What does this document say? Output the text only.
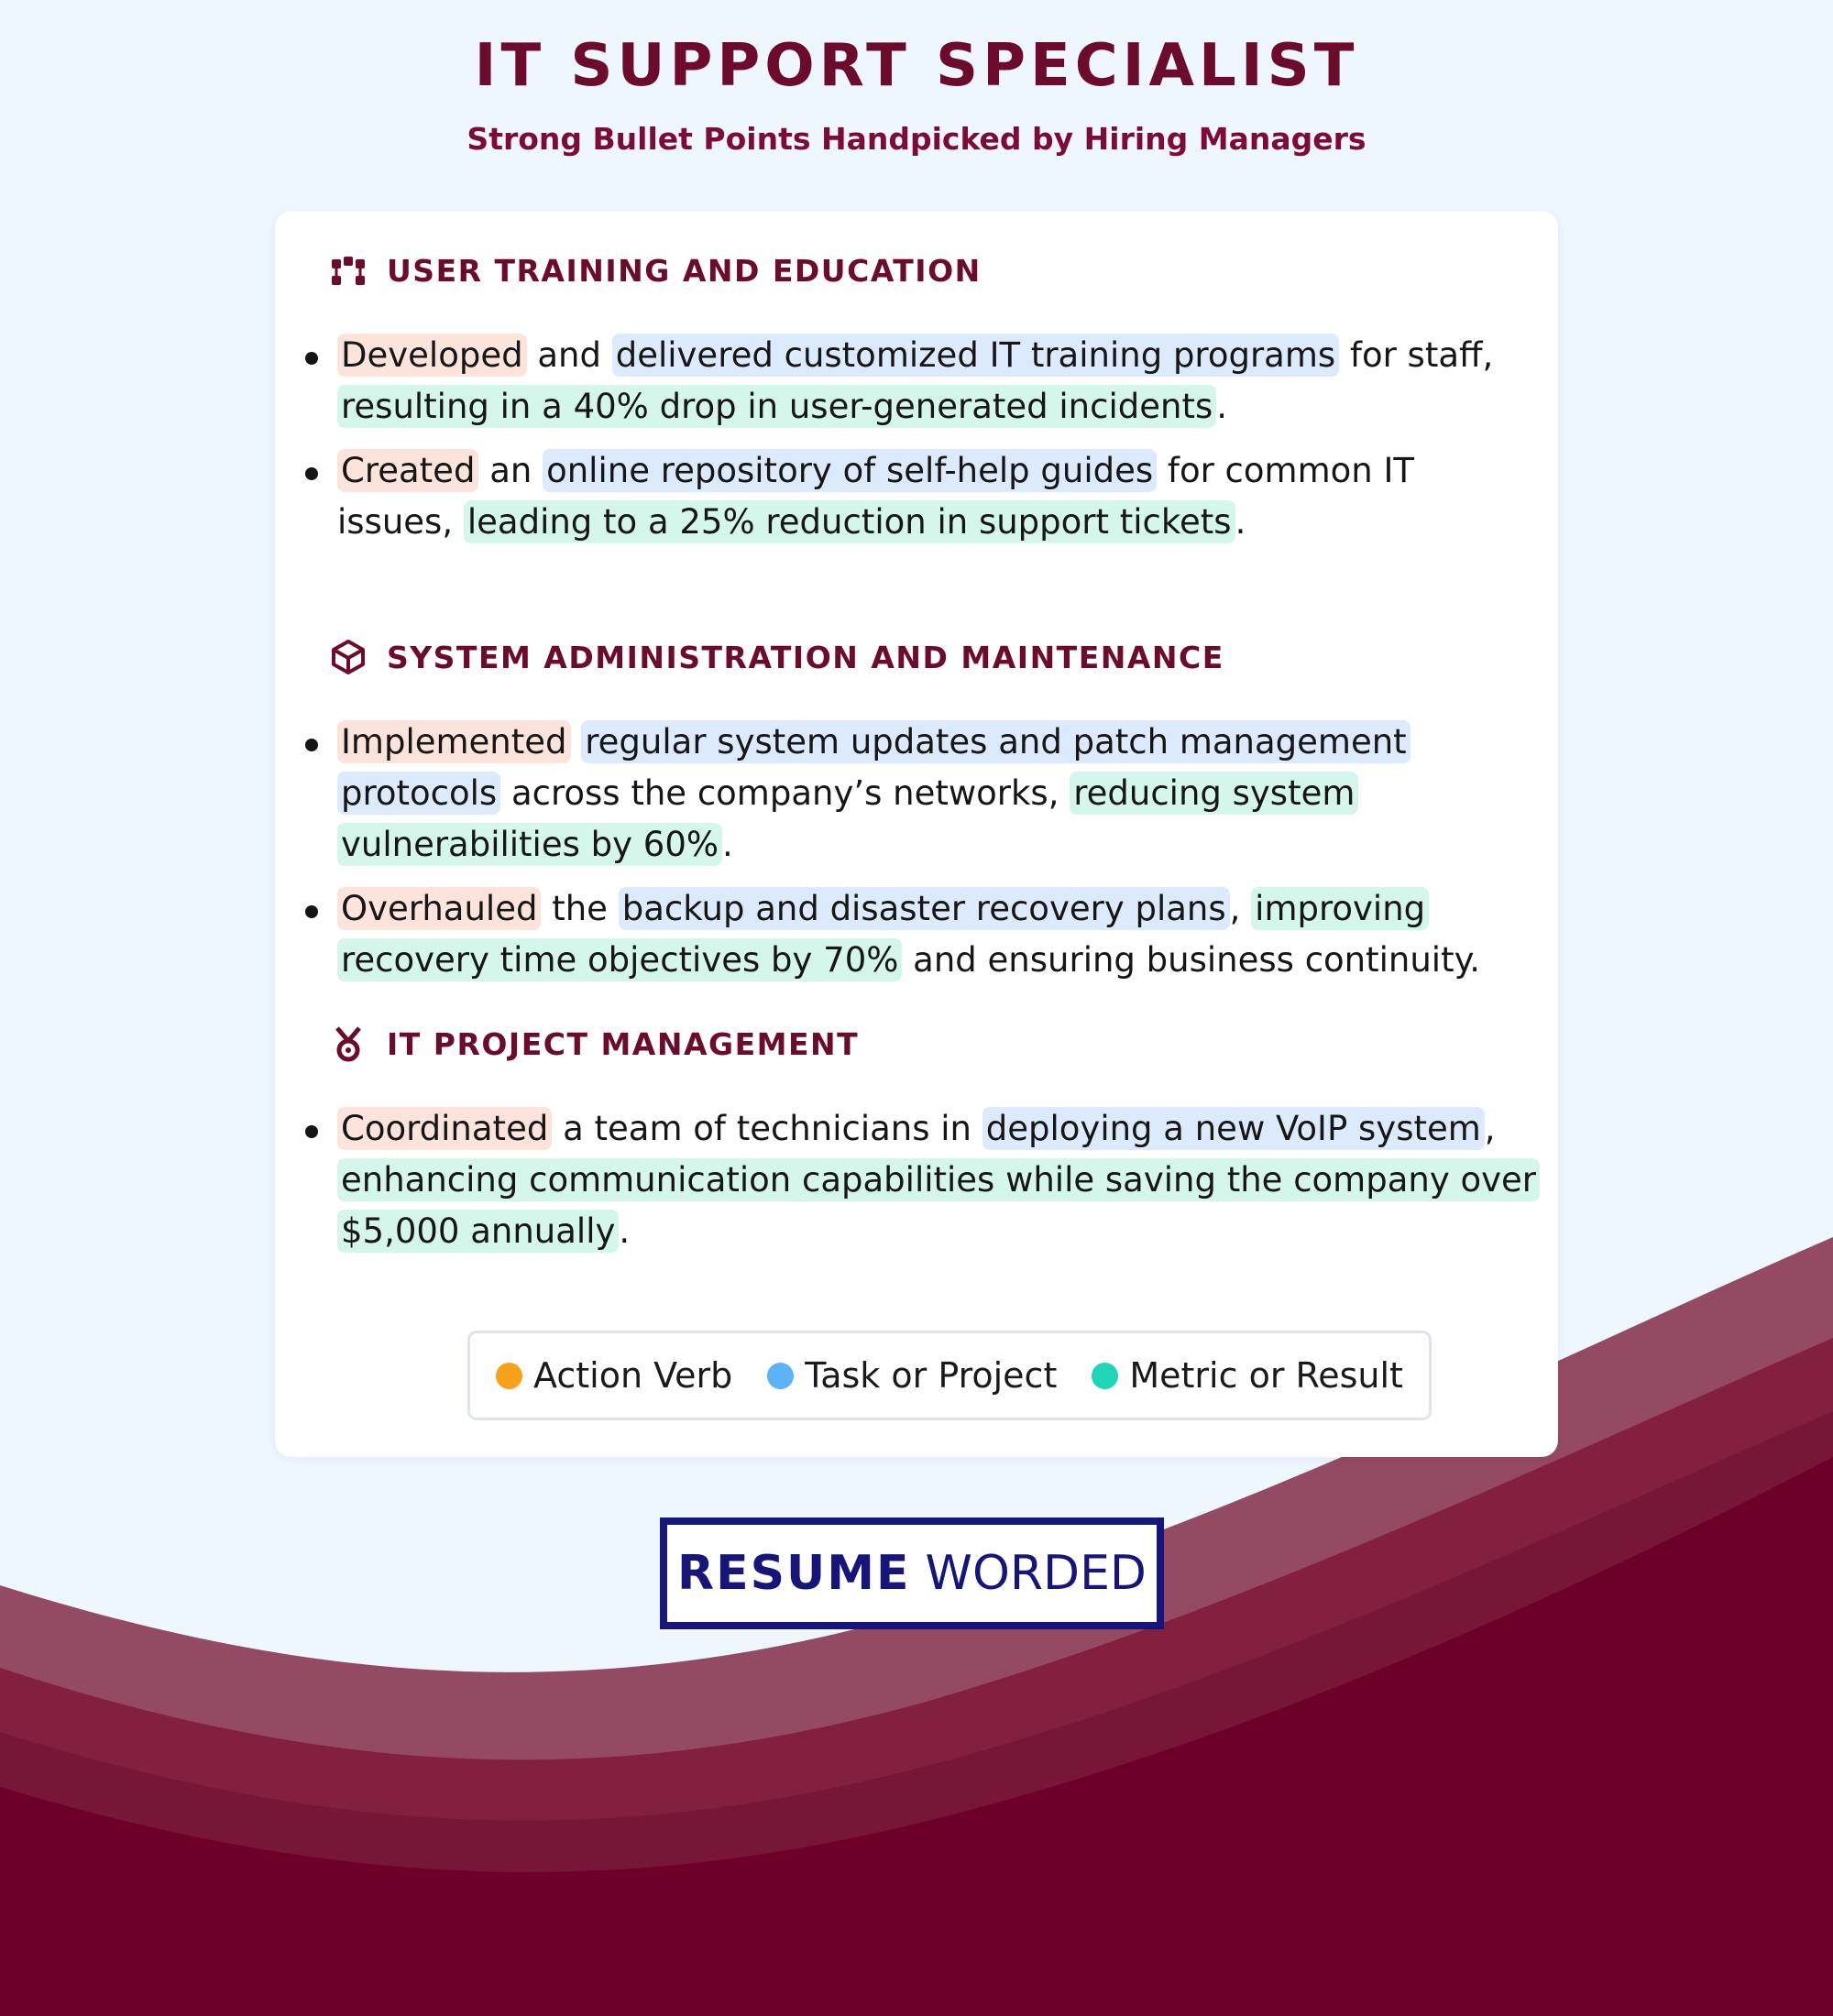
IT SUPPORT SPECIALIST
Strong Bullet Points Handpicked by Hiring Managers
USER TRAINING AND EDUCATION
Developed and delivered customized IT training programs for staff, resulting in a 40% drop in user-generated incidents .
Created an online repository of self-help guides for common IT issues, leading to a 25% reduction in support tickets .
SYSTEM ADMINISTRATION AND MAINTENANCE
Implemented regular system updates and patch management protocols across the company’s networks, reducing system vulnerabilities by 60% .
Overhauled the backup and disaster recovery plans , improving recovery time objectives by 70% and ensuring business continuity.
IT PROJECT MANAGEMENT
Coordinated a team of technicians in deploying a new VoIP system , enhancing communication capabilities while saving the company over $5,000 annually .
Action Verb Task or Project Metric or Result
RESUME WORDED
